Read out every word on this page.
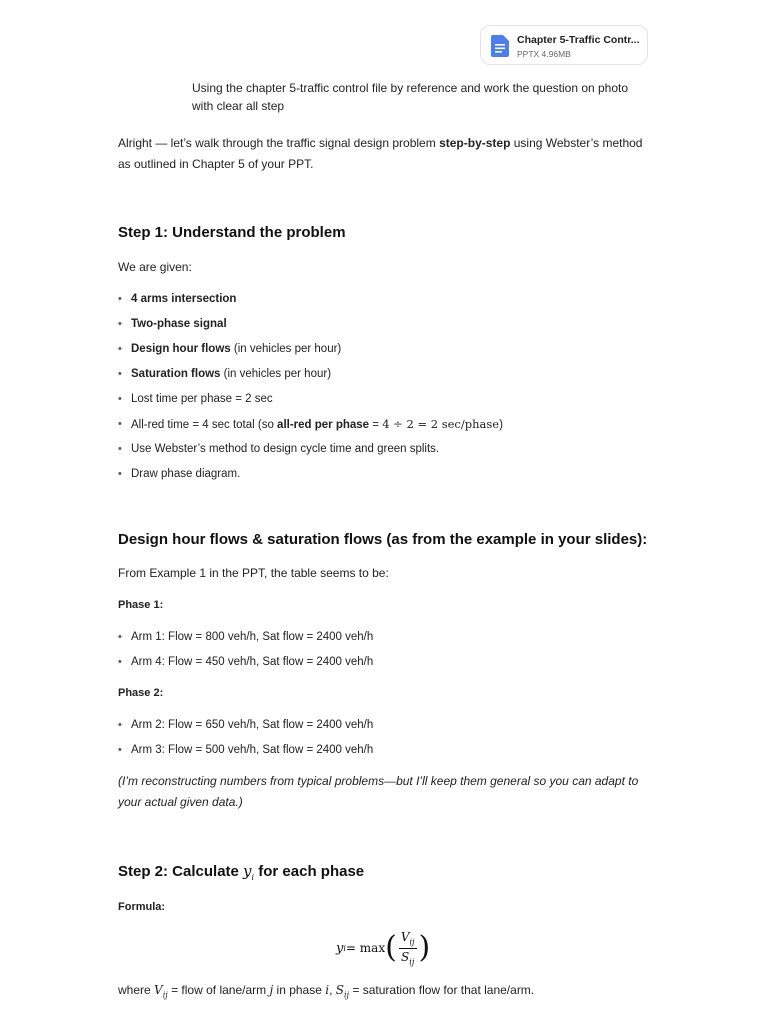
Chapter 5-Traffic Contr...
PPTX 4.96MB
Using the chapter 5-traffic control file by reference and work the question on photo with clear all step
Alright — let’s walk through the traffic signal design problem step-by-step using Webster’s method as outlined in Chapter 5 of your PPT.
Step 1: Understand the problem
We are given:
• 4 arms intersection
• Two-phase signal
• Design hour flows (in vehicles per hour)
• Saturation flows (in vehicles per hour)
• Lost time per phase = 2 sec
• All-red time = 4 sec total (so all-red per phase = 4 ÷ 2 = 2 sec/phase)
• Use Webster’s method to design cycle time and green splits.
• Draw phase diagram.
Design hour flows & saturation flows (as from the example in your slides):
From Example 1 in the PPT, the table seems to be:
Phase 1:
• Arm 1: Flow = 800 veh/h, Sat flow = 2400 veh/h
• Arm 4: Flow = 450 veh/h, Sat flow = 2400 veh/h
Phase 2:
• Arm 2: Flow = 650 veh/h, Sat flow = 2400 veh/h
• Arm 3: Flow = 500 veh/h, Sat flow = 2400 veh/h
(I’m reconstructing numbers from typical problems—but I’ll keep them general so you can adapt to your actual given data.)
Step 2: Calculate $y_i$ for each phase
Formula:
y i = max ( $\frac{V_{ij}}{S_{ij}}$ )
where $V_{ij}$ = flow of lane/arm j in phase i, $S_{ij}$ = saturation flow for that lane/arm.
